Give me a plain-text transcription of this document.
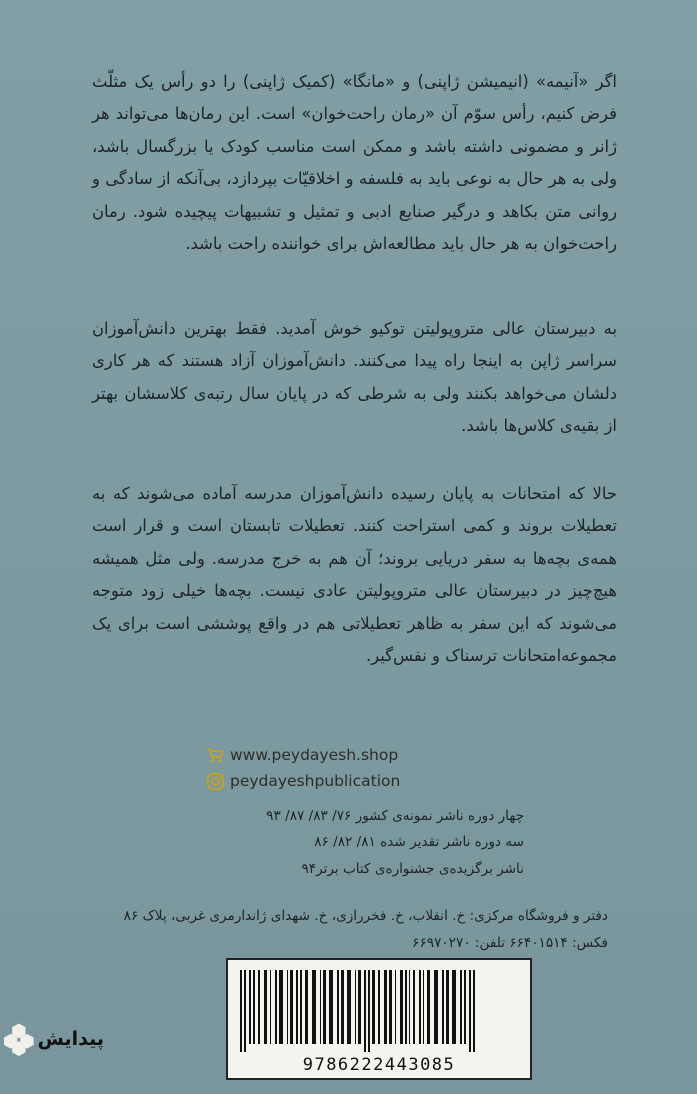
اگر «آنیمه» (انیمیشن ژاپنی) و «مانگا» (کمیک ژاپنی) را دو رأس یک مثلّث فرض کنیم، رأس سوّم آن «رمان راحت‌خوان» است. این رمان‌ها می‌تواند هر ژانر و مضمونی داشته باشد و ممکن است مناسب کودک یا بزرگسال باشد، ولی به هر حال به نوعی باید به فلسفه و اخلاقیّات بپردازد، بی‌آنکه از سادگی و روانی متن بکاهد و درگیر صنایع ادبی و تمثیل و تشبیهات پیچیده شود. رمان راحت‌خوان به هر حال باید مطالعه‌اش برای خواننده راحت باشد.

به دبیرستان عالی متروپولیتن توکیو خوش آمدید. فقط بهترین دانش‌آموزان سراسر ژاپن به اینجا راه پیدا می‌کنند. دانش‌آموزان آزاد هستند که هر کاری دلشان می‌خواهد بکنند ولی به شرطی که در پایان سال رتبه‌ی کلاسشان بهتر از بقیه‌ی کلاس‌ها باشد.

حالا که امتحانات به پایان رسیده دانش‌آموزان مدرسه آماده می‌شوند که به تعطیلات بروند و کمی استراحت کنند. تعطیلات تابستان است و قرار است همه‌ی بچه‌ها به سفر دریایی بروند؛ آن هم به خرج مدرسه. ولی مثل همیشه هیچ‌چیز در دبیرستان عالی متروپولیتن عادی نیست. بچه‌ها خیلی زود متوجه می‌شوند که این سفر به ظاهر تعطیلاتی هم در واقع پوششی است برای یک مجموعه‌امتحانات ترسناک و نفس‌گیر.

www.peydayesh.shop
peydayeshpublication
چهار دوره ناشر نمونه‌ی کشور ۷۶/ ۸۳/ ۸۷/ ۹۳
سه دوره ناشر تقدیر شده ۸۱/ ۸۲/ ۸۶
ناشر برگزیده‌ی جشنواره‌ی کتاب برتر۹۴
دفتر و فروشگاه مرکزی: خ. انقلاب، خ. فخررازی، خ. شهدای ژاندارمری غربی، پلاک ۸۶
فکس: ۶۶۴۰۱۵۱۴ تلفن: ۶۶۹۷۰۲۷۰
پیدایش
9786222443085
